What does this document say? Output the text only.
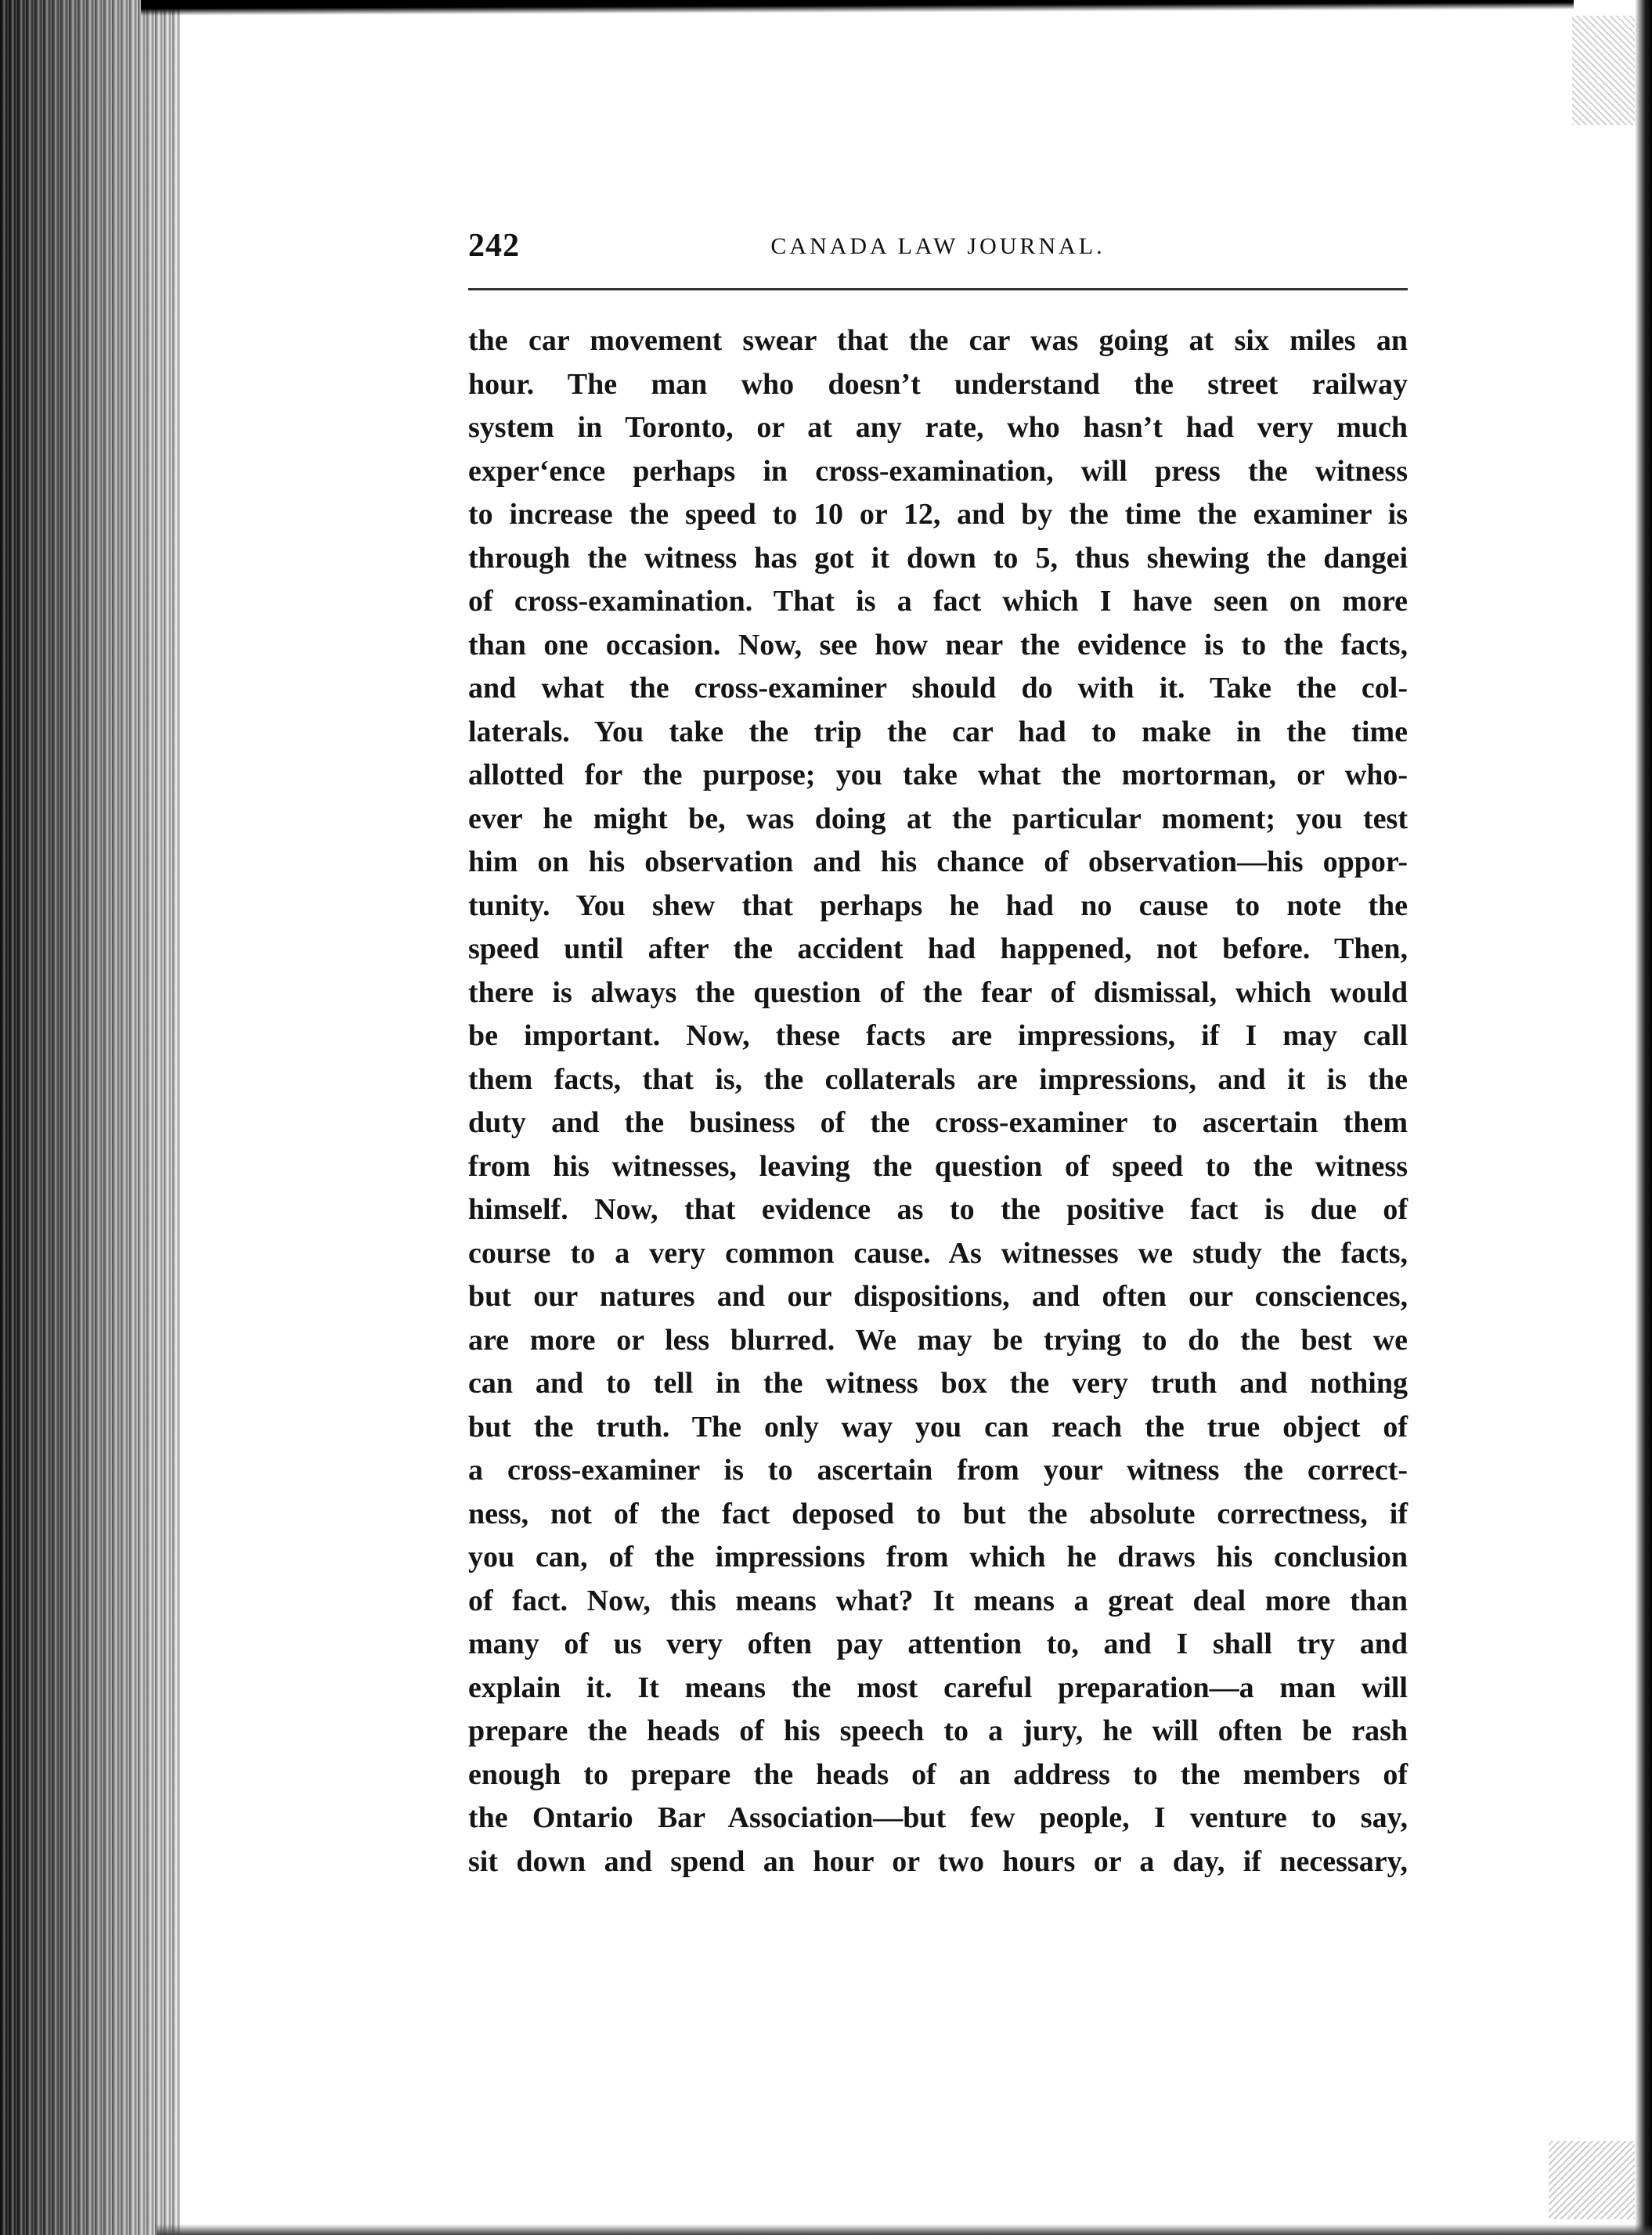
242	CANADA LAW JOURNAL.
the car movement swear that the car was going at six miles an
hour. The man who doesn’t understand the street railway
system in Toronto, or at any rate, who hasn’t had very much
exper‘ence perhaps in cross-examination, will press the witness
to increase the speed to 10 or 12, and by the time the examiner is
through the witness has got it down to 5, thus shewing the dangei
of cross-examination. That is a fact which I have seen on more
than one occasion. Now, see how near the evidence is to the facts,
and what the cross-examiner should do with it. Take the col-
laterals. You take the trip the car had to make in the time
allotted for the purpose; you take what the mortorman, or who-
ever he might be, was doing at the particular moment; you test
him on his observation and his chance of observation—his oppor-
tunity. You shew that perhaps he had no cause to note the
speed until after the accident had happened, not before. Then,
there is always the question of the fear of dismissal, which would
be important. Now, these facts are impressions, if I may call
them facts, that is, the collaterals are impressions, and it is the
duty and the business of the cross-examiner to ascertain them
from his witnesses, leaving the question of speed to the witness
himself. Now, that evidence as to the positive fact is due of
course to a very common cause. As witnesses we study the facts,
but our natures and our dispositions, and often our consciences,
are more or less blurred. We may be trying to do the best we
can and to tell in the witness box the very truth and nothing
but the truth. The only way you can reach the true object of
a cross-examiner is to ascertain from your witness the correct-
ness, not of the fact deposed to but the absolute correctness, if
you can, of the impressions from which he draws his conclusion
of fact. Now, this means what? It means a great deal more than
many of us very often pay attention to, and I shall try and
explain it. It means the most careful preparation—a man will
prepare the heads of his speech to a jury, he will often be rash
enough to prepare the heads of an address to the members of
the Ontario Bar Association—but few people, I venture to say,
sit down and spend an hour or two hours or a day, if necessary,
